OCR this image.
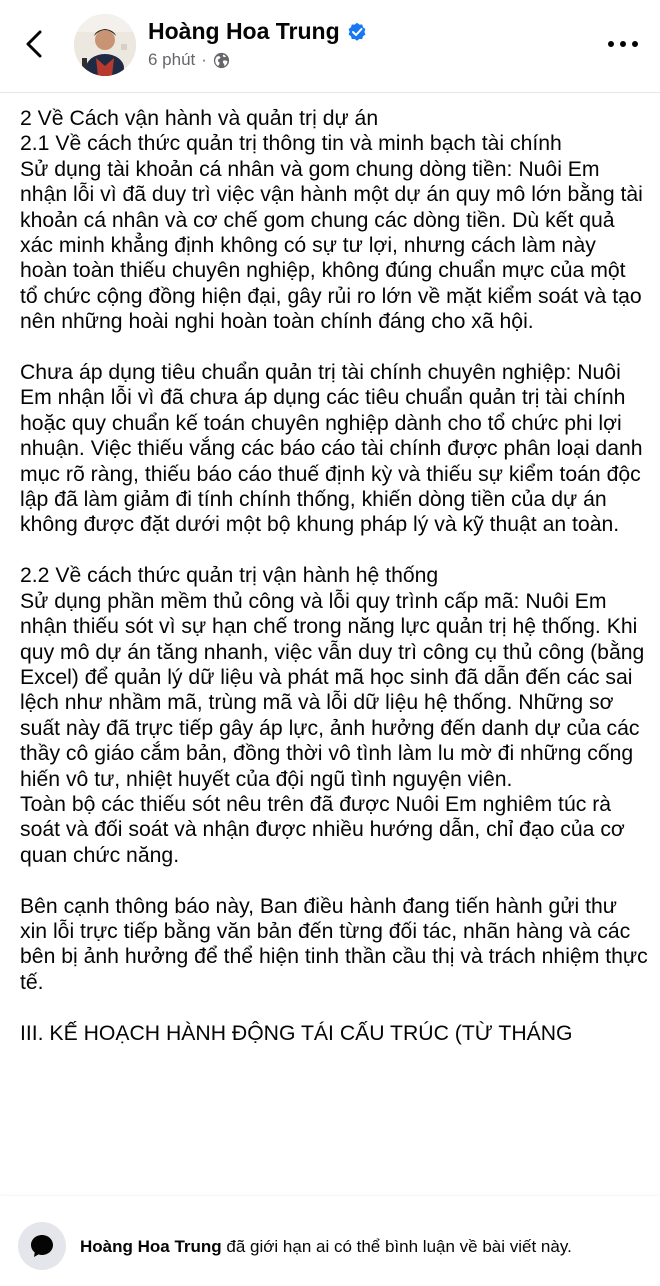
Hoàng Hoa Trung
6 phút ·

2 Về Cách vận hành và quản trị dự án

2.1 Về cách thức quản trị thông tin và minh bạch tài chính

Sử dụng tài khoản cá nhân và gom chung dòng tiền: Nuôi Em nhận lỗi vì đã duy trì việc vận hành một dự án quy mô lớn bằng tài khoản cá nhân và cơ chế gom chung các dòng tiền. Dù kết quả xác minh khẳng định không có sự tư lợi, nhưng cách làm này hoàn toàn thiếu chuyên nghiệp, không đúng chuẩn mực của một tổ chức cộng đồng hiện đại, gây rủi ro lớn về mặt kiểm soát và tạo nên những hoài nghi hoàn toàn chính đáng cho xã hội.

Chưa áp dụng tiêu chuẩn quản trị tài chính chuyên nghiệp: Nuôi Em nhận lỗi vì đã chưa áp dụng các tiêu chuẩn quản trị tài chính hoặc quy chuẩn kế toán chuyên nghiệp dành cho tổ chức phi lợi nhuận. Việc thiếu vắng các báo cáo tài chính được phân loại danh mục rõ ràng, thiếu báo cáo thuế định kỳ và thiếu sự kiểm toán độc lập đã làm giảm đi tính chính thống, khiến dòng tiền của dự án không được đặt dưới một bộ khung pháp lý và kỹ thuật an toàn.

2.2 Về cách thức quản trị vận hành hệ thống

Sử dụng phần mềm thủ công và lỗi quy trình cấp mã: Nuôi Em nhận thiếu sót vì sự hạn chế trong năng lực quản trị hệ thống. Khi quy mô dự án tăng nhanh, việc vẫn duy trì công cụ thủ công (bằng Excel) để quản lý dữ liệu và phát mã học sinh đã dẫn đến các sai lệch như nhầm mã, trùng mã và lỗi dữ liệu hệ thống. Những sơ suất này đã trực tiếp gây áp lực, ảnh hưởng đến danh dự của các thầy cô giáo cắm bản, đồng thời vô tình làm lu mờ đi những cống hiến vô tư, nhiệt huyết của đội ngũ tình nguyện viên.

Toàn bộ các thiếu sót nêu trên đã được Nuôi Em nghiêm túc rà soát và đối soát và nhận được nhiều hướng dẫn, chỉ đạo của cơ quan chức năng.

Bên cạnh thông báo này, Ban điều hành đang tiến hành gửi thư xin lỗi trực tiếp bằng văn bản đến từng đối tác, nhãn hàng và các bên bị ảnh hưởng để thể hiện tinh thần cầu thị và trách nhiệm thực tế.

III. KẾ HOẠCH HÀNH ĐỘNG TÁI CẤU TRÚC (TỪ THÁNG

Hoàng Hoa Trung đã giới hạn ai có thể bình luận về bài viết này.
